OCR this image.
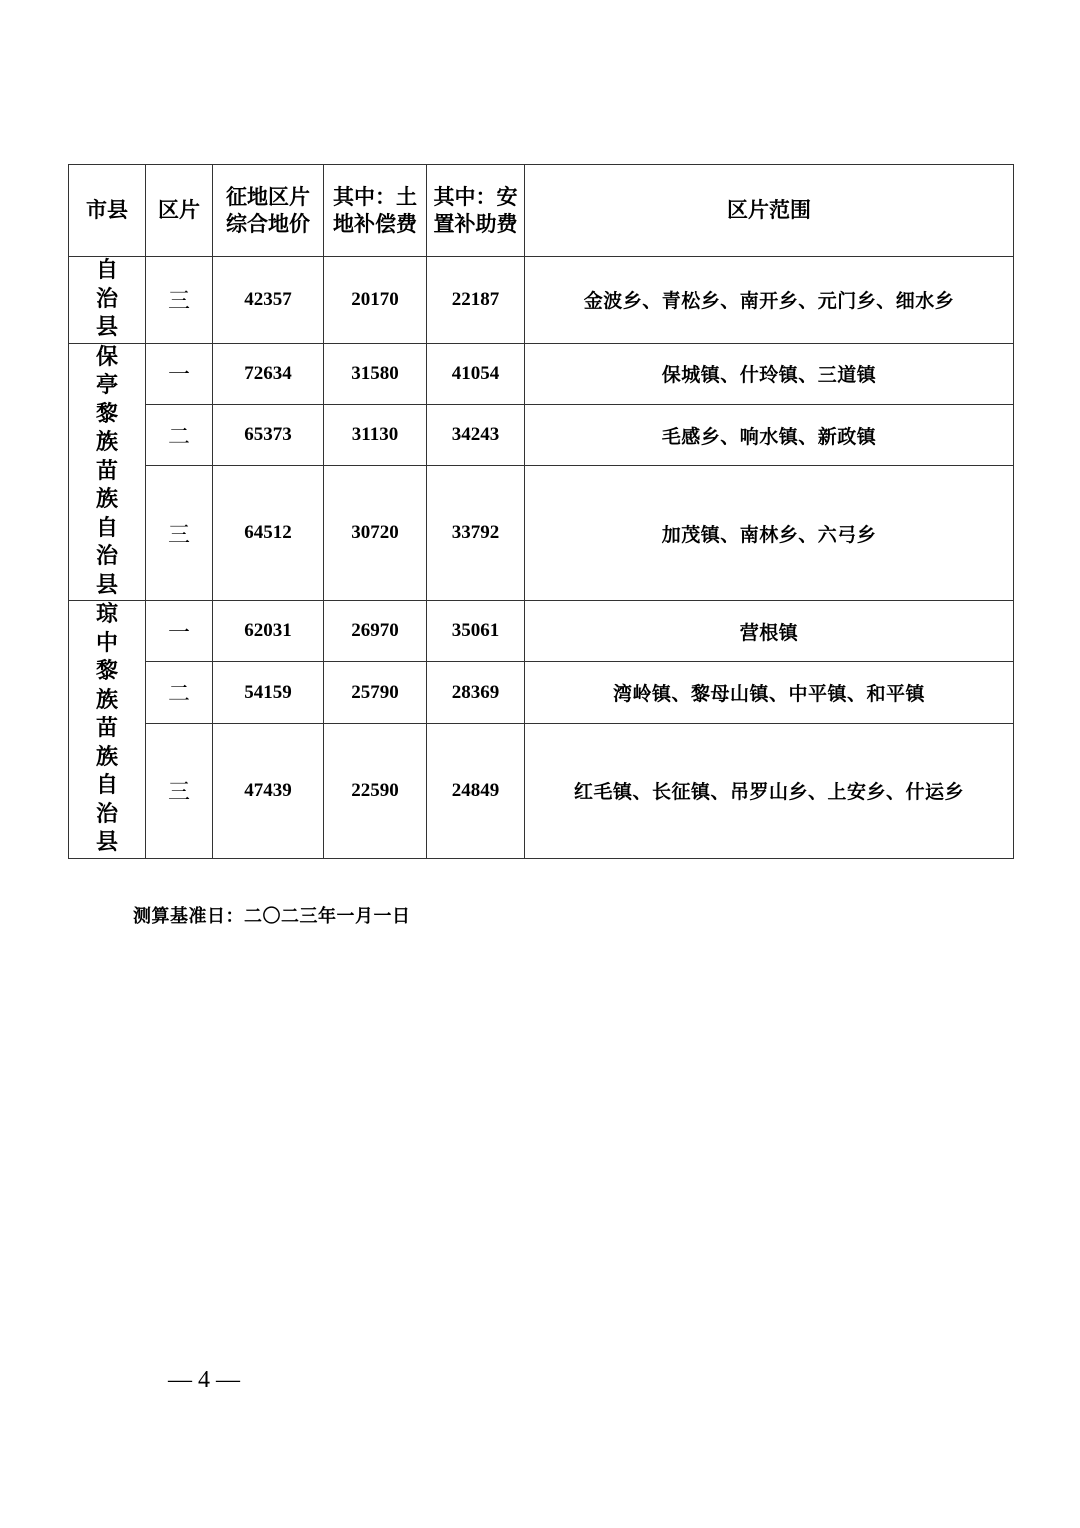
市县	区片	征地区片综合地价	其中：土地补偿费	其中：安置补助费	区片范围
自治县	三	42357	20170	22187	金波乡、青松乡、南开乡、元门乡、细水乡
保亭黎族苗族自治县	一	72634	31580	41054	保城镇、什玲镇、三道镇
	二	65373	31130	34243	毛感乡、响水镇、新政镇
	三	64512	30720	33792	加茂镇、南林乡、六弓乡
琼中黎族苗族自治县	一	62031	26970	35061	营根镇
	二	54159	25790	28369	湾岭镇、黎母山镇、中平镇、和平镇
	三	47439	22590	24849	红毛镇、长征镇、吊罗山乡、上安乡、什运乡
测算基准日：二〇二三年一月一日
— 4 —
